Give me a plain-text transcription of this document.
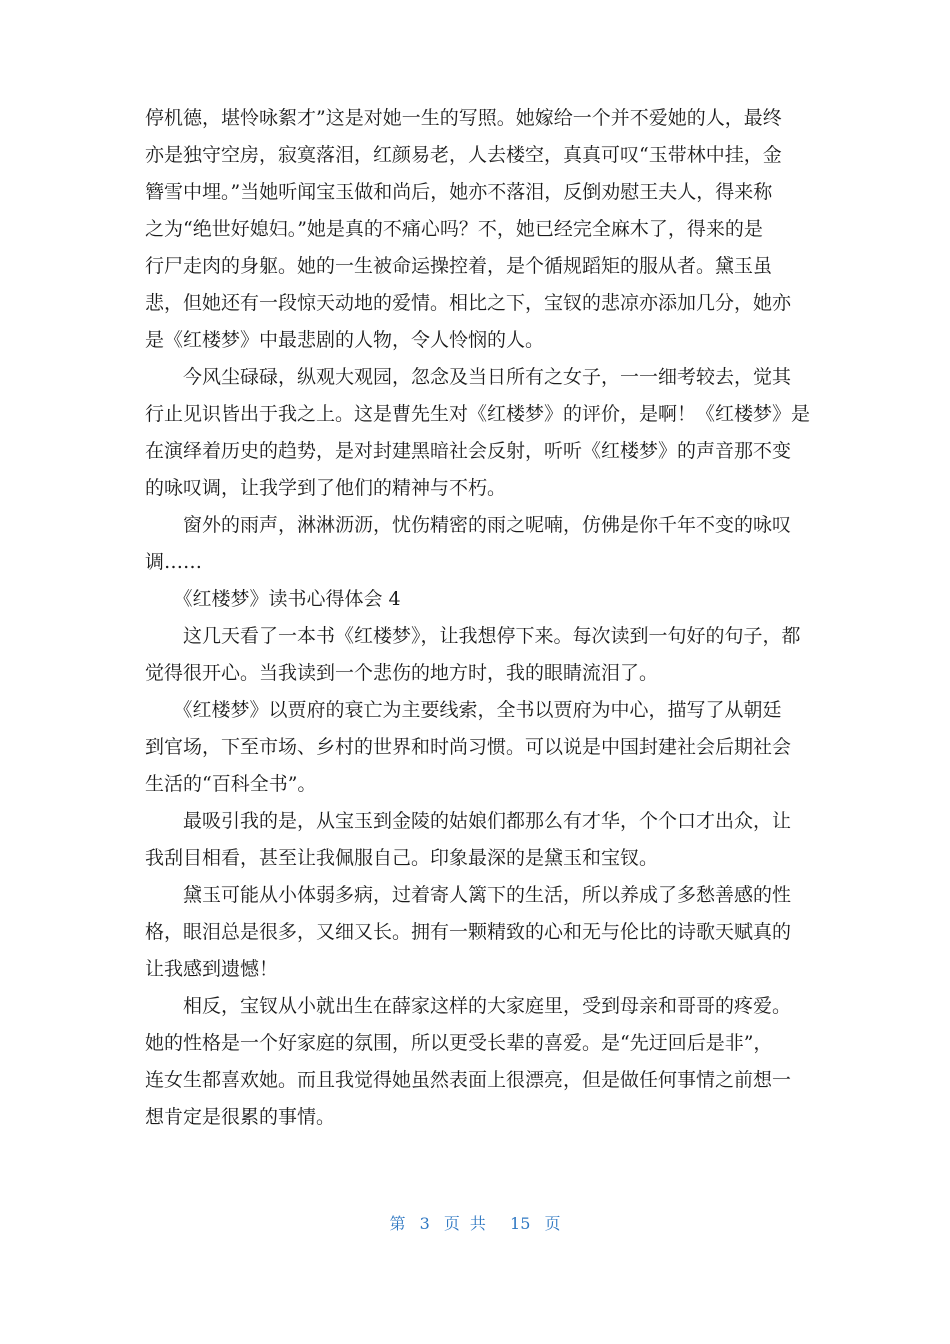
停机德，堪怜咏絮才”这是对她一生的写照。她嫁给一个并不爱她的人，最终
亦是独守空房，寂寞落泪，红颜易老，人去楼空，真真可叹“玉带林中挂，金
簪雪中埋。”当她听闻宝玉做和尚后，她亦不落泪，反倒劝慰王夫人，得来称
之为“绝世好媳妇。”她是真的不痛心吗？不，她已经完全麻木了，得来的是
行尸走肉的身躯。她的一生被命运操控着，是个循规蹈矩的服从者。黛玉虽
悲，但她还有一段惊天动地的爱情。相比之下，宝钗的悲凉亦添加几分，她亦
是《红楼梦》中最悲剧的人物，令人怜悯的人。
　　今风尘碌碌，纵观大观园，忽念及当日所有之女子，一一细考较去，觉其
行止见识皆出于我之上。这是曹先生对《红楼梦》的评价，是啊！《红楼梦》是
在演绎着历史的趋势，是对封建黑暗社会反射，听听《红楼梦》的声音那不变
的咏叹调，让我学到了他们的精神与不朽。
　　窗外的雨声，淋淋沥沥，忧伤精密的雨之呢喃，仿佛是你千年不变的咏叹
调……
　　《红楼梦》读书心得体会 4
　　这几天看了一本书《红楼梦》，让我想停下来。每次读到一句好的句子，都
觉得很开心。当我读到一个悲伤的地方时，我的眼睛流泪了。
　　《红楼梦》以贾府的衰亡为主要线索，全书以贾府为中心，描写了从朝廷
到官场，下至市场、乡村的世界和时尚习惯。可以说是中国封建社会后期社会
生活的“百科全书”。
　　最吸引我的是，从宝玉到金陵的姑娘们都那么有才华，个个口才出众，让
我刮目相看，甚至让我佩服自己。印象最深的是黛玉和宝钗。
　　黛玉可能从小体弱多病，过着寄人篱下的生活，所以养成了多愁善感的性
格，眼泪总是很多，又细又长。拥有一颗精致的心和无与伦比的诗歌天赋真的
让我感到遗憾！
　　相反，宝钗从小就出生在薛家这样的大家庭里，受到母亲和哥哥的疼爱。
她的性格是一个好家庭的氛围，所以更受长辈的喜爱。是“先迂回后是非”，
连女生都喜欢她。而且我觉得她虽然表面上很漂亮，但是做任何事情之前想一
想肯定是很累的事情。
第 3 页共 15 页
